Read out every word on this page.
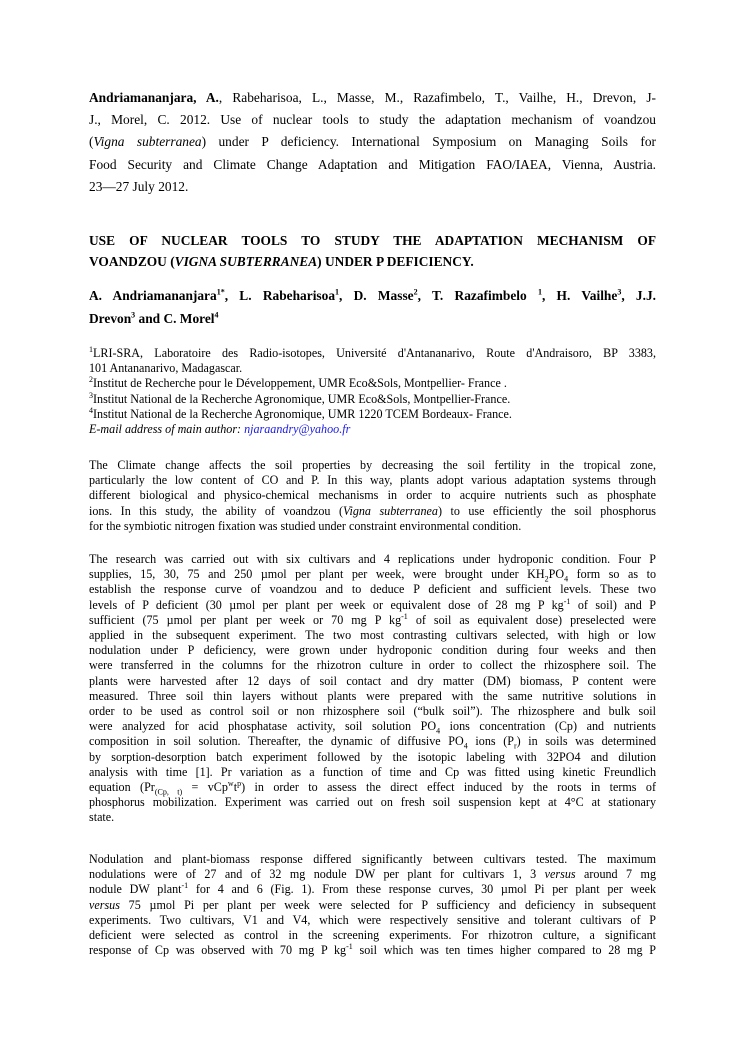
Andriamananjara, A., Rabeharisoa, L., Masse, M., Razafimbelo, T., Vailhe, H., Drevon, J-
J., Morel, C. 2012. Use of nuclear tools to study the adaptation mechanism of voandzou
(Vigna subterranea) under P deficiency. International Symposium on Managing Soils for
Food Security and Climate Change Adaptation and Mitigation FAO/IAEA, Vienna, Austria.
23—27 July 2012.
USE OF NUCLEAR TOOLS TO STUDY THE ADAPTATION MECHANISM OF
VOANDZOU (VIGNA SUBTERRANEA) UNDER P DEFICIENCY.
A. Andriamananjara$^{1*}$, L. Rabeharisoa$^1$, D. Masse$^2$, T. Razafimbelo $^1$, H. Vailhe$^3$, J.J.
Drevon$^3$ and C. Morel$^4$
$^1$LRI-SRA, Laboratoire des Radio-isotopes, Université d'Antananarivo, Route d'Andraisoro, BP 3383,
101 Antananarivo, Madagascar.
$^2$Institut de Recherche pour le Développement, UMR Eco&Sols, Montpellier- France .
$^3$Institut National de la Recherche Agronomique, UMR Eco&Sols, Montpellier-France.
$^4$Institut National de la Recherche Agronomique, UMR 1220 TCEM Bordeaux- France.
E-mail address of main author: njaraandry@yahoo.fr
The Climate change affects the soil properties by decreasing the soil fertility in the tropical zone,
particularly the low content of CO and P. In this way, plants adopt various adaptation systems through
different biological and physico-chemical mechanisms in order to acquire nutrients such as phosphate
ions. In this study, the ability of voandzou (Vigna subterranea) to use efficiently the soil phosphorus
for the symbiotic nitrogen fixation was studied under constraint environmental condition.
The research was carried out with six cultivars and 4 replications under hydroponic condition. Four P
supplies, 15, 30, 75 and 250 µmol per plant per week, were brought under $KH_2PO_4$ form so as to
establish the response curve of voandzou and to deduce P deficient and sufficient levels. These two
levels of P deficient (30 µmol per plant per week or equivalent dose of 28 mg P $kg^{-1}$ of soil) and P
sufficient (75 µmol per plant per week or 70 mg P $kg^{-1}$ of soil as equivalent dose) preselected were
applied in the subsequent experiment. The two most contrasting cultivars selected, with high or low
nodulation under P deficiency, were grown under hydroponic condition during four weeks and then
were transferred in the columns for the rhizotron culture in order to collect the rhizosphere soil. The
plants were harvested after 12 days of soil contact and dry matter (DM) biomass, P content were
measured. Three soil thin layers without plants were prepared with the same nutritive solutions in
order to be used as control soil or non rhizosphere soil (“bulk soil”). The rhizosphere and bulk soil
were analyzed for acid phosphatase activity, soil solution $PO_4$ ions concentration (Cp) and nutrients
composition in soil solution. Thereafter, the dynamic of diffusive $PO_4$ ions $(P_r)$ in soils was determined
by sorption-desorption batch experiment followed by the isotopic labeling with 32PO4 and dilution
analysis with time [1]. Pr variation as a function of time and Cp was fitted using kinetic Freundlich
equation $(Pr_{(Cp, t)} = vCp^wt^p)$ in order to assess the direct effect induced by the roots in terms of
phosphorus mobilization. Experiment was carried out on fresh soil suspension kept at 4°C at stationary
state.
Nodulation and plant-biomass response differed significantly between cultivars tested. The maximum
nodulations were of 27 and of 32 mg nodule DW per plant for cultivars 1, 3 versus around 7 mg
nodule DW plant$^{-1}$ for 4 and 6 (Fig. 1). From these response curves, 30 µmol Pi per plant per week
versus 75 µmol Pi per plant per week were selected for P sufficiency and deficiency in subsequent
experiments. Two cultivars, V1 and V4, which were respectively sensitive and tolerant cultivars of P
deficient were selected as control in the screening experiments. For rhizotron culture, a significant
response of Cp was observed with 70 mg P $kg^{-1}$ soil which was ten times higher compared to 28 mg P
